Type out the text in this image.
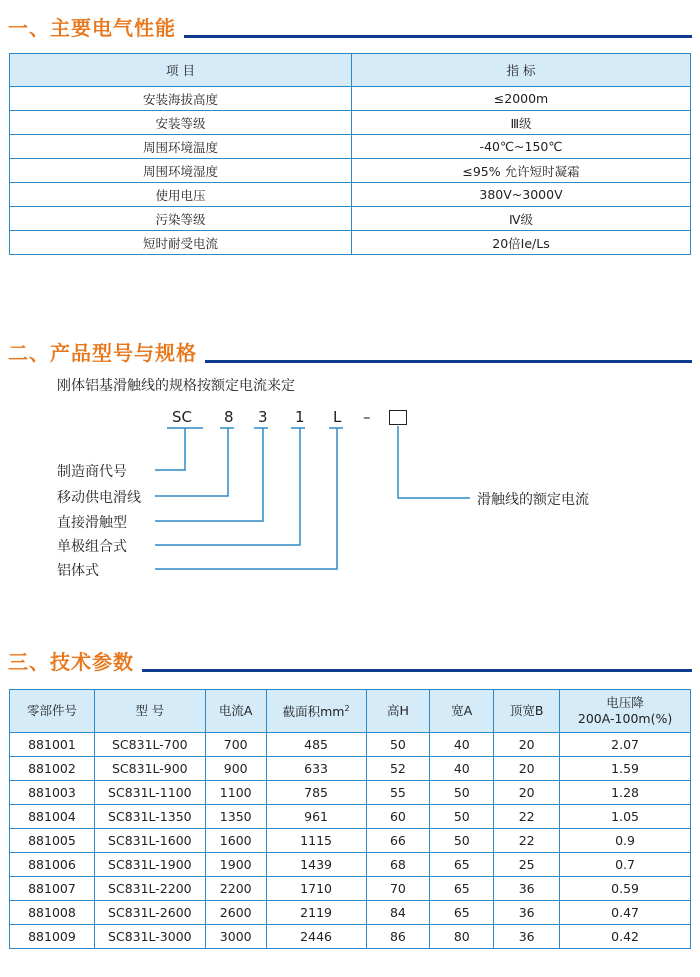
一、主要电气性能
项 目	指 标
安装海拔高度	≤2000m
安装等级	Ⅲ级
周围环境温度	-40℃~150℃
周围环境湿度	≤95% 允许短时凝霜
使用电压	380V~3000V
污染等级	Ⅳ级
短时耐受电流	20倍Ie/Ls
二、产品型号与规格
刚体铝基滑触线的规格按额定电流来定
SC 8 3 1 L –
制造商代号
移动供电滑线
直接滑触型
单极组合式
铝体式
滑触线的额定电流
三、技术参数
零部件号	型 号	电流A	截面积$mm^2$	高H	宽A	顶宽B	电压降
200A-100m(%)

881001	SC831L-700	700	485	50	40	20	2.07
881002	SC831L-900	900	633	52	40	20	1.59
881003	SC831L-1100	1100	785	55	50	20	1.28
881004	SC831L-1350	1350	961	60	50	22	1.05
881005	SC831L-1600	1600	1115	66	50	22	0.9
881006	SC831L-1900	1900	1439	68	65	25	0.7
881007	SC831L-2200	2200	1710	70	65	36	0.59
881008	SC831L-2600	2600	2119	84	65	36	0.47
881009	SC831L-3000	3000	2446	86	80	36	0.42
